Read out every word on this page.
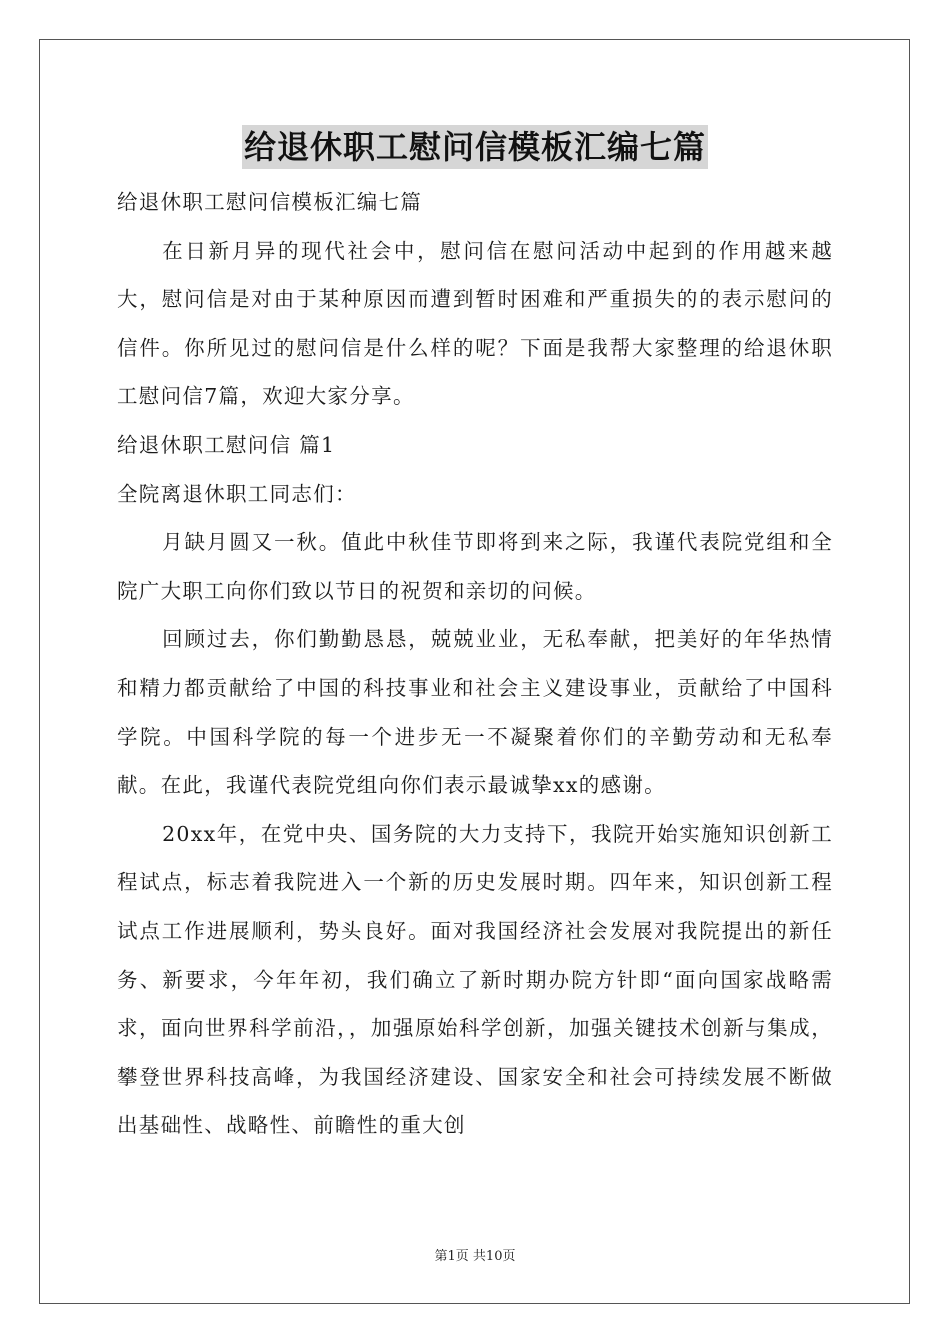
给退休职工慰问信模板汇编七篇

给退休职工慰问信模板汇编七篇

在日新月异的现代社会中，慰问信在慰问活动中起到的作用越来越大，慰问信是对由于某种原因而遭到暂时困难和严重损失的的表示慰问的信件。你所见过的慰问信是什么样的呢？下面是我帮大家整理的给退休职工慰问信7篇，欢迎大家分享。

给退休职工慰问信 篇1

全院离退休职工同志们：

月缺月圆又一秋。值此中秋佳节即将到来之际，我谨代表院党组和全院广大职工向你们致以节日的祝贺和亲切的问候。

回顾过去，你们勤勤恳恳，兢兢业业，无私奉献，把美好的年华热情和精力都贡献给了中国的科技事业和社会主义建设事业，贡献给了中国科学院。中国科学院的每一个进步无一不凝聚着你们的辛勤劳动和无私奉献。在此，我谨代表院党组向你们表示最诚挚xx的感谢。

20xx年，在党中央、国务院的大力支持下，我院开始实施知识创新工程试点，标志着我院进入一个新的历史发展时期。四年来，知识创新工程试点工作进展顺利，势头良好。面对我国经济社会发展对我院提出的新任务、新要求，今年年初，我们确立了新时期办院方针即“面向国家战略需求，面向世界科学前沿，，加强原始科学创新，加强关键技术创新与集成，攀登世界科技高峰，为我国经济建设、国家安全和社会可持续发展不断做出基础性、战略性、前瞻性的重大创

第1页 共10页
